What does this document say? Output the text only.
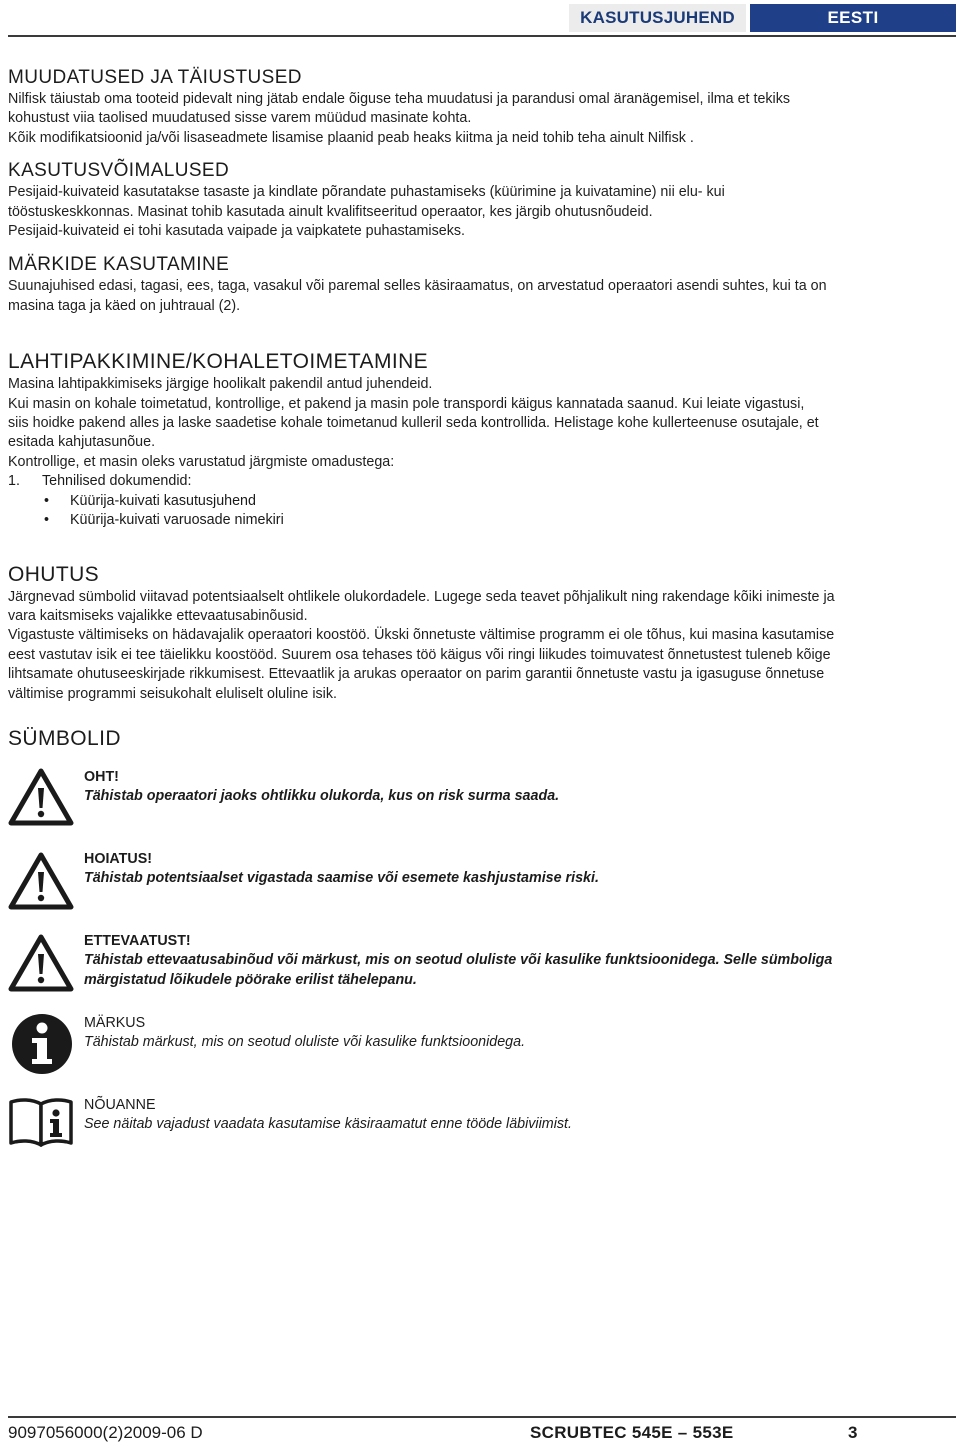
KASUTUSJUHEND	EESTI
MUUDATUSED JA TÄIUSTUSED

Nilfisk täiustab oma tooteid pidevalt ning jätab endale õiguse teha muudatusi ja parandusi omal äranägemisel, ilma et tekiks

kohustust viia taolised muudatused sisse varem müüdud masinate kohta.

Kõik modifikatsioonid ja/või lisaseadmete lisamise plaanid peab heaks kiitma ja neid tohib teha ainult Nilfisk .

KASUTUSVÕIMALUSED

Pesijaid-kuivateid kasutatakse tasaste ja kindlate põrandate puhastamiseks (küürimine ja kuivatamine) nii elu- kui

tööstuskeskkonnas. Masinat tohib kasutada ainult kvalifitseeritud operaator, kes järgib ohutusnõudeid.

Pesijaid-kuivateid ei tohi kasutada vaipade ja vaipkatete puhastamiseks.

MÄRKIDE KASUTAMINE

Suunajuhised edasi, tagasi, ees, taga, vasakul või paremal selles käsiraamatus, on arvestatud operaatori asendi suhtes, kui ta on

masina taga ja käed on juhtraual (2).

LAHTIPAKKIMINE/KOHALETOIMETAMINE

Masina lahtipakkimiseks järgige hoolikalt pakendil antud juhendeid.

Kui masin on kohale toimetatud, kontrollige, et pakend ja masin pole transpordi käigus kannatada saanud. Kui leiate vigastusi,

siis hoidke pakend alles ja laske saadetise kohale toimetanud kulleril seda kontrollida. Helistage kohe kullerteenuse osutajale, et

esitada kahjutasunõue.

Kontrollige, et masin oleks varustatud järgmiste omadustega:

1.	Tehnilised dokumendid:
•	Küürija-kuivati kasutusjuhend
•	Küürija-kuivati varuosade nimekiri
OHUTUS

Järgnevad sümbolid viitavad potentsiaalselt ohtlikele olukordadele. Lugege seda teavet põhjalikult ning rakendage kõiki inimeste ja

vara kaitsmiseks vajalikke ettevaatusabinõusid.

Vigastuste vältimiseks on hädavajalik operaatori koostöö. Ükski õnnetuste vältimise programm ei ole tõhus, kui masina kasutamise

eest vastutav isik ei tee täielikku koostööd. Suurem osa tehases töö käigus või ringi liikudes toimuvatest õnnetustest tuleneb kõige

lihtsamate ohutuseeskirjade rikkumisest. Ettevaatlik ja arukas operaator on parim garantii õnnetuste vastu ja igasuguse õnnetuse

vältimise programmi seisukohalt eluliselt oluline isik.

SÜMBOLID
OHT!
Tähistab operaatori jaoks ohtlikku olukorda, kus on risk surma saada.
HOIATUS!
Tähistab potentsiaalset vigastada saamise või esemete kashjustamise riski.
ETTEVAATUST!
Tähistab ettevaatusabinõud või märkust, mis on seotud oluliste või kasulike funktsioonidega. Selle sümboliga
märgistatud lõikudele pöörake erilist tähelepanu.
MÄRKUS
Tähistab märkust, mis on seotud oluliste või kasulike funktsioonidega.
NÕUANNE
See näitab vajadust vaadata kasutamise käsiraamatut enne tööde läbiviimist.
9097056000(2)2009-06 D	SCRUBTEC 545E – 553E	3
